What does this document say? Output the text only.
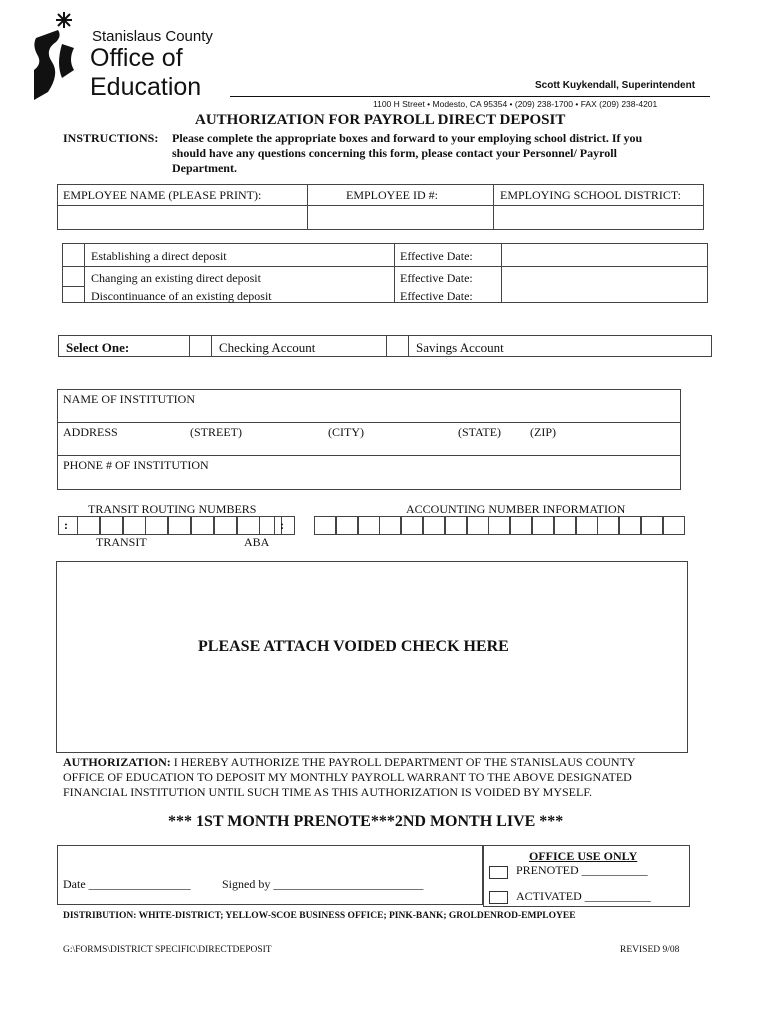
Stanislaus County
Office of
Education	Scott Kuykendall, Superintendent
1100 H Street • Modesto, CA 95354 • (209) 238-1700 • FAX (209) 238-4201
AUTHORIZATION FOR PAYROLL DIRECT DEPOSIT
INSTRUCTIONS: Please complete the appropriate boxes and forward to your employing school district. If you
should have any questions concerning this form, please contact your Personnel/ Payroll
Department.
EMPLOYEE NAME (PLEASE PRINT):	EMPLOYEE ID #:	EMPLOYING SCHOOL DISTRICT:
Establishing a direct deposit	Effective Date:
Changing an existing direct deposit	Effective Date:
Discontinuance of an existing deposit	Effective Date:
Select One:	Checking Account	Savings Account
NAME OF INSTITUTION
ADDRESS	(STREET)	(CITY)	(STATE) (ZIP)
PHONE # OF INSTITUTION
TRANSIT ROUTING NUMBERS	ACCOUNTING NUMBER INFORMATION
:	:
TRANSIT	ABA
PLEASE ATTACH VOIDED CHECK HERE
AUTHORIZATION: I HEREBY AUTHORIZE THE PAYROLL DEPARTMENT OF THE STANISLAUS COUNTY
OFFICE OF EDUCATION TO DEPOSIT MY MONTHLY PAYROLL WARRANT TO THE ABOVE DESIGNATED
FINANCIAL INSTITUTION UNTIL SUCH TIME AS THIS AUTHORIZATION IS VOIDED BY MYSELF.
*** 1ST MONTH PRENOTE***2ND MONTH LIVE ***
Date _________________	Signed by _________________________
OFFICE USE ONLY
PRENOTED ___________
ACTIVATED ___________
DISTRIBUTION: WHITE-DISTRICT; YELLOW-SCOE BUSINESS OFFICE; PINK-BANK; GROLDENROD-EMPLOYEE
G:\FORMS\DISTRICT SPECIFIC\DIRECTDEPOSIT	REVISED 9/08
